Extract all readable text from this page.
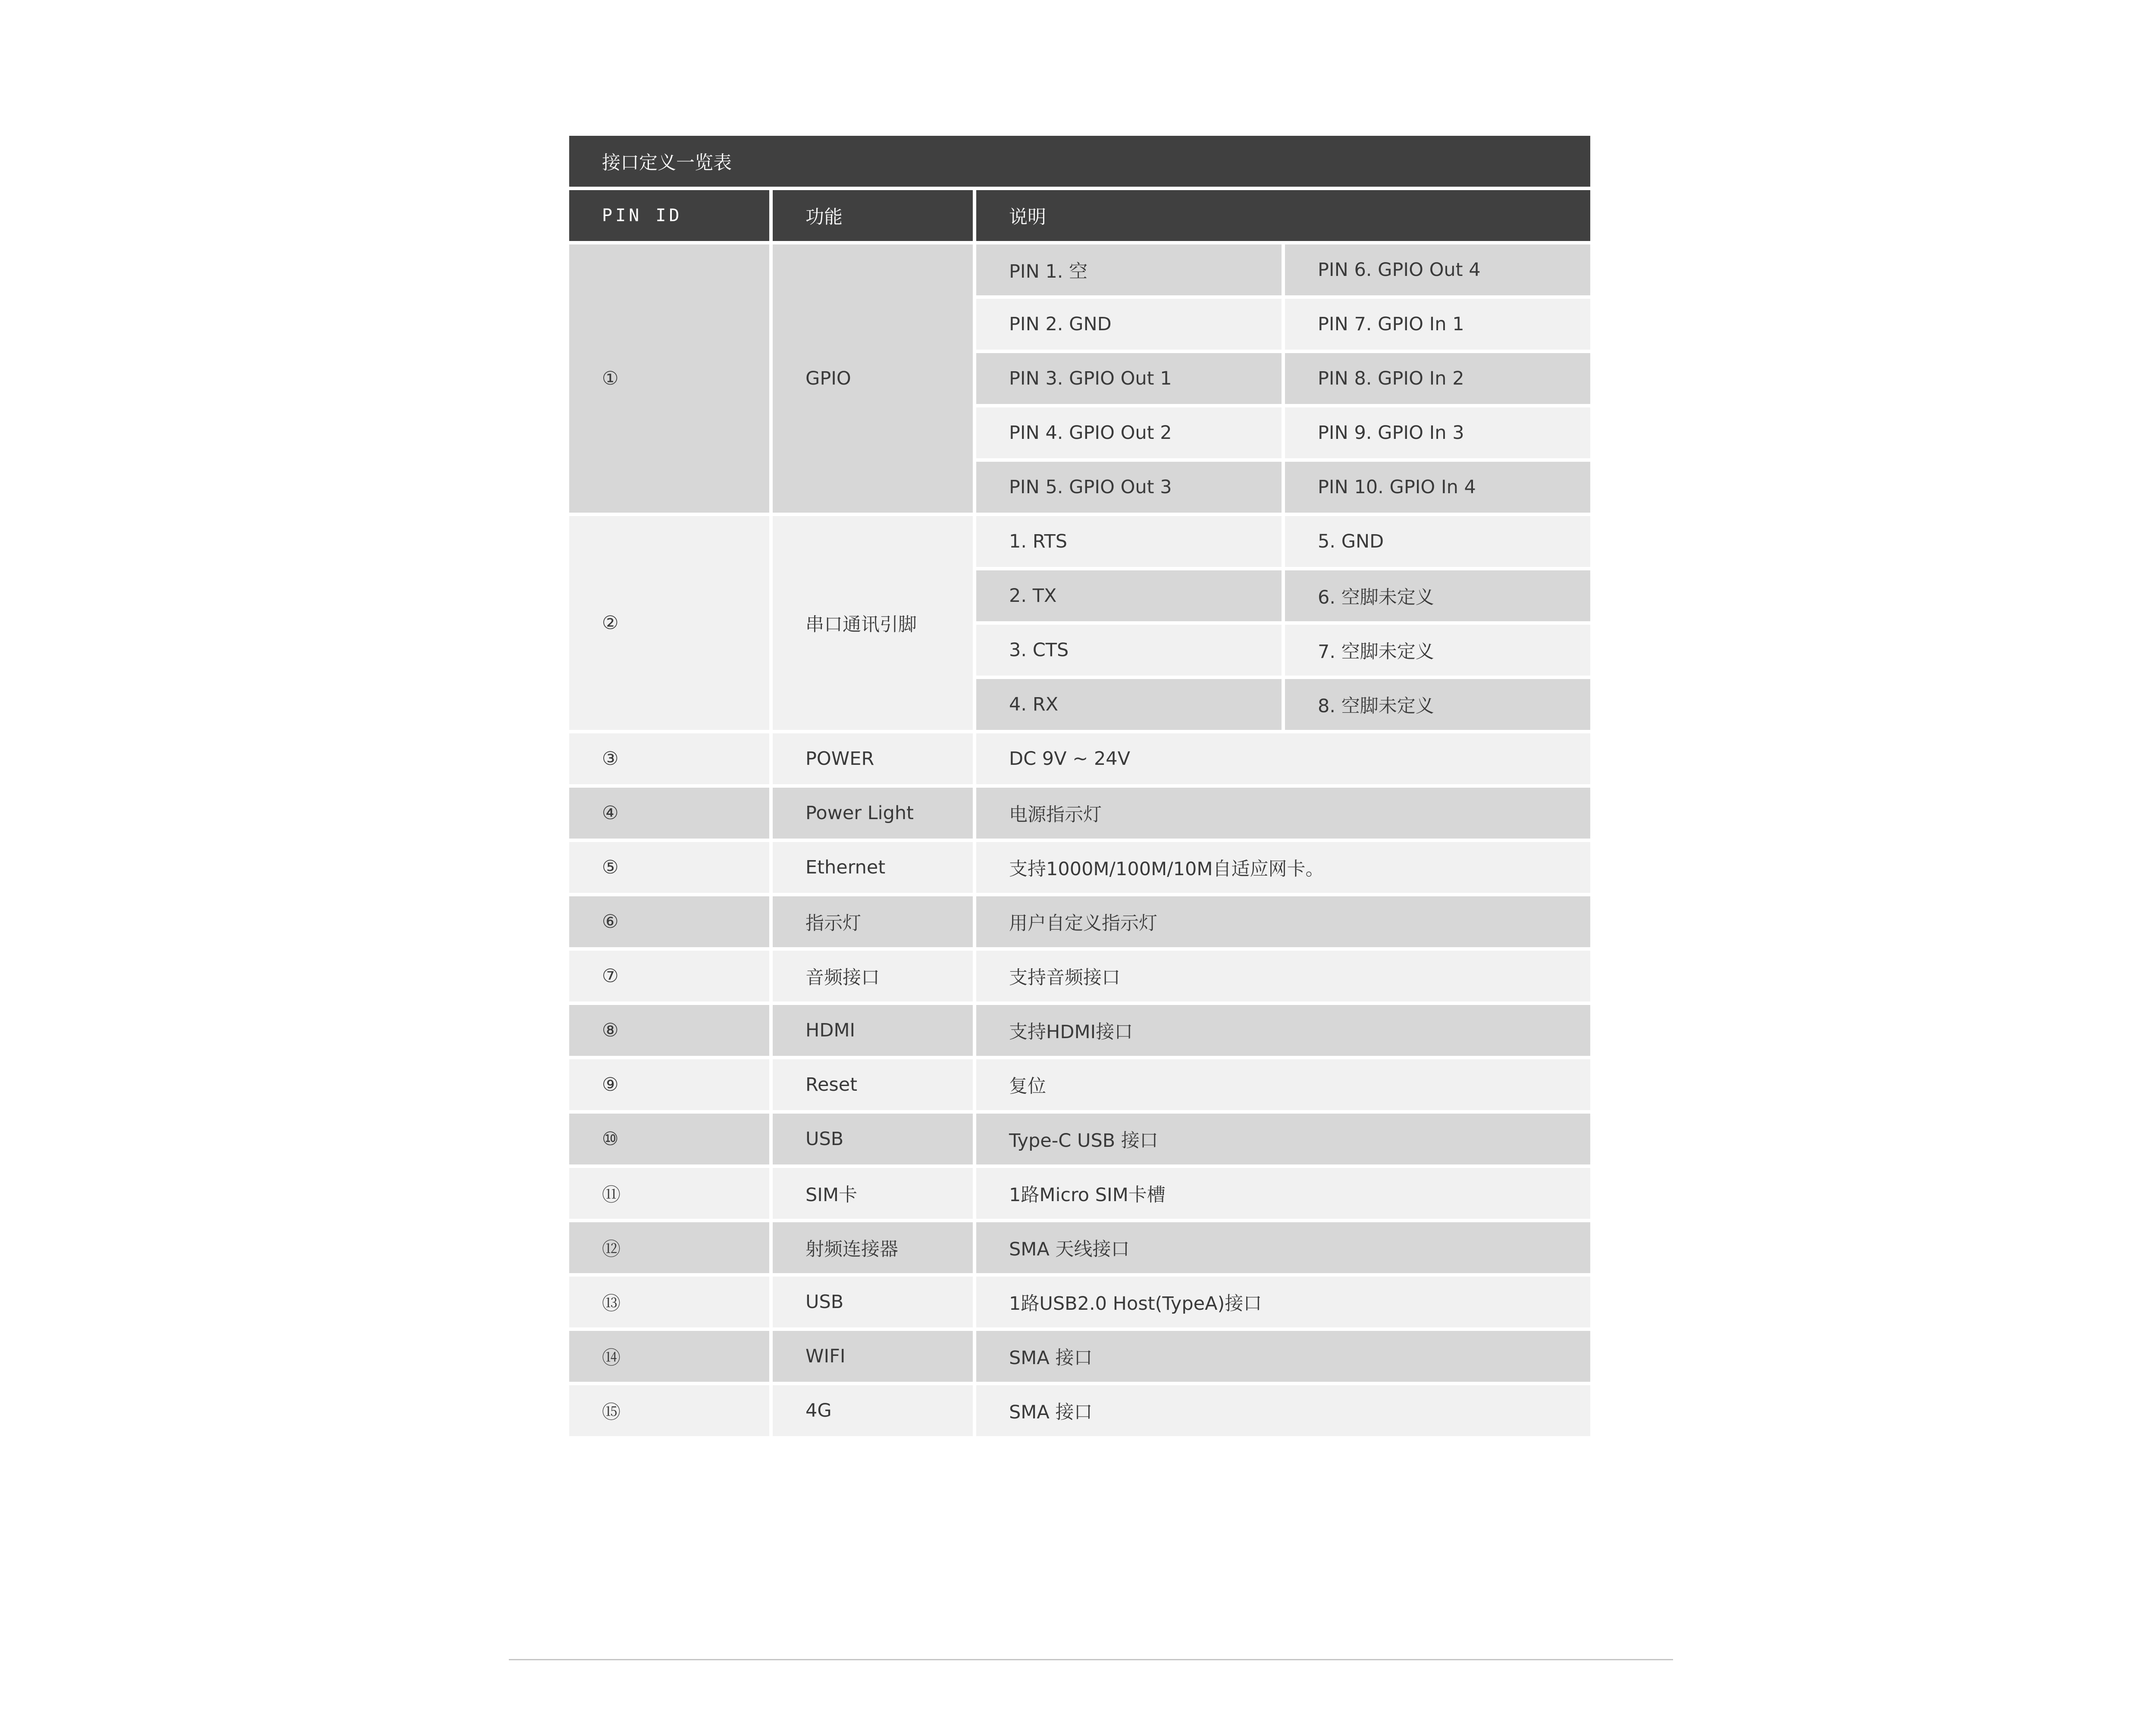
接口定义一览表			
PIN ID	功能	说明	
①	GPIO	PIN 1. 空	PIN 6. GPIO Out 4
		PIN 2. GND	PIN 7. GPIO In 1
		PIN 3. GPIO Out 1	PIN 8. GPIO In 2
		PIN 4. GPIO Out 2	PIN 9. GPIO In 3
		PIN 5. GPIO Out 3	PIN 10. GPIO In 4
②	串口通讯引脚	1. RTS	5. GND
		2. TX	6. 空脚未定义
		3. CTS	7. 空脚未定义
		4. RX	8. 空脚未定义
③	POWER	DC 9V ~ 24V	
④	Power Light	电源指示灯	
⑤	Ethernet	支持1000M/100M/10M自适应网卡。	
⑥	指示灯	用户自定义指示灯	
⑦	音频接口	支持音频接口	
⑧	HDMI	支持HDMI接口	
⑨	Reset	复位	
⑩	USB	Type-C USB 接口	
⑪	SIM卡	1路Micro SIM卡槽	
⑫	射频连接器	SMA 天线接口	
⑬	USB	1路USB2.0 Host(TypeA)接口	
⑭	WIFI	SMA 接口	
⑮	4G	SMA 接口	
